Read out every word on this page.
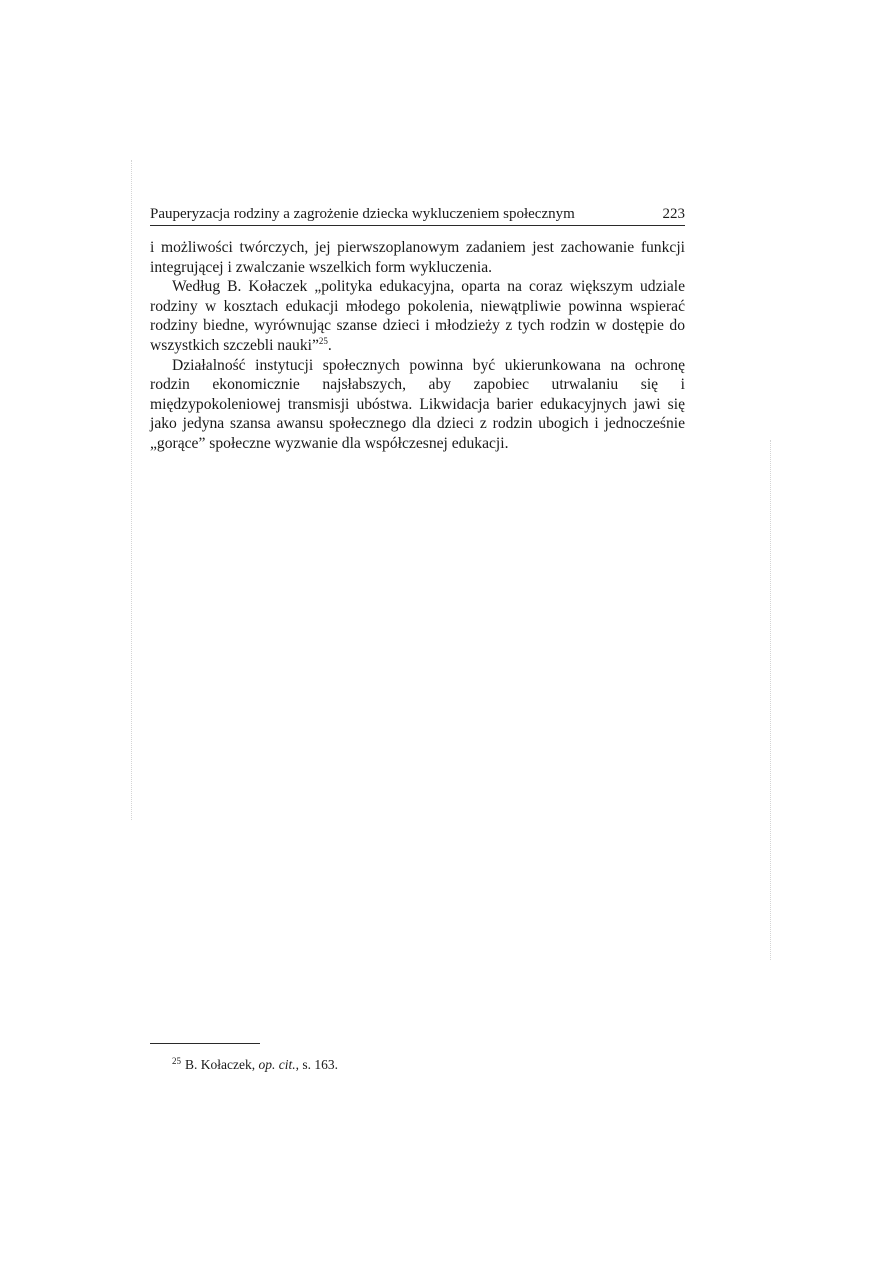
Pauperyzacja rodziny a zagrożenie dziecka wykluczeniem społecznym	223

i możliwości twórczych, jej pierwszoplanowym zadaniem jest zachowanie funkcji integrującej i zwalczanie wszelkich form wykluczenia.

Według B. Kołaczek „polityka edukacyjna, oparta na coraz większym udziale rodziny w kosztach edukacji młodego pokolenia, niewątpliwie powinna wspierać rodziny biedne, wyrównując szanse dzieci i młodzieży z tych rodzin w dostępie do wszystkich szczebli nauki”$^{25}$.

Działalność instytucji społecznych powinna być ukierunkowana na ochronę rodzin ekonomicznie najsłabszych, aby zapobiec utrwalaniu się i międzypokoleniowej transmisji ubóstwa. Likwidacja barier edukacyjnych jawi się jako jedyna szansa awansu społecznego dla dzieci z rodzin ubogich i jednocześnie „gorące” społeczne wyzwanie dla współczesnej edukacji.

$^{25}$ B. Kołaczek, op. cit., s. 163.
